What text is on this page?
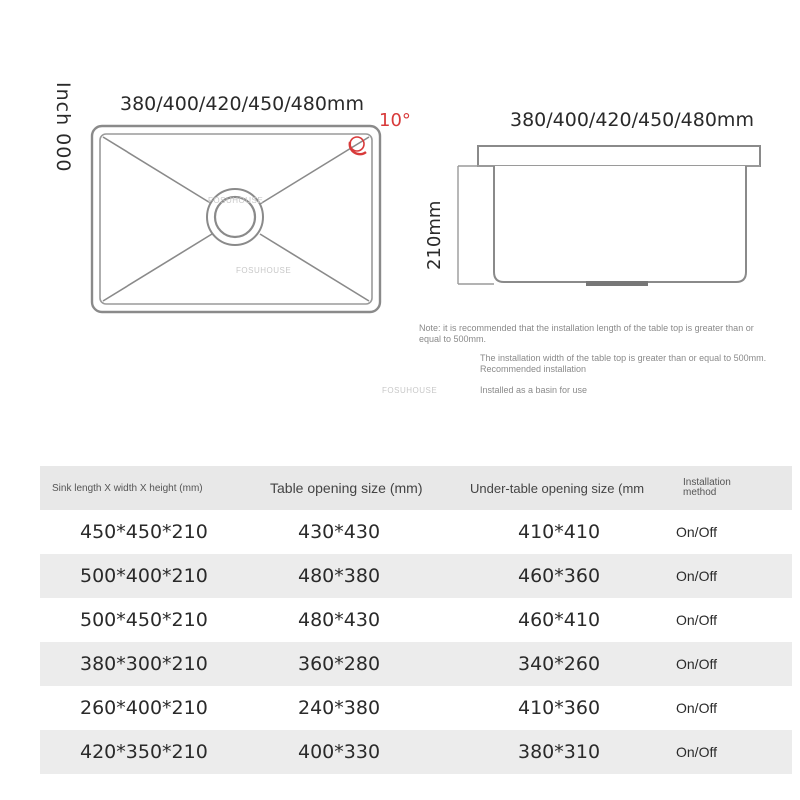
380/400/420/450/480mm
Inch 000	10°	380/400/420/450/480mm
210mm
FOSUHOUSE
FOSUHOUSE
FOSUHOUSE
Note: it is recommended that the installation length of the table top is greater than or equal to 500mm.
The installation width of the table top is greater than or equal to 500mm. Recommended installation
Installed as a basin for use
Sink length X width X height (mm)	Table opening size (mm)	Under-table opening size (mm	Installation method
450*450*210	430*430	410*410	On/Off
500*400*210	480*380	460*360	On/Off
500*450*210	480*430	460*410	On/Off
380*300*210	360*280	340*260	On/Off
260*400*210	240*380	410*360	On/Off
420*350*210	400*330	380*310	On/Off
